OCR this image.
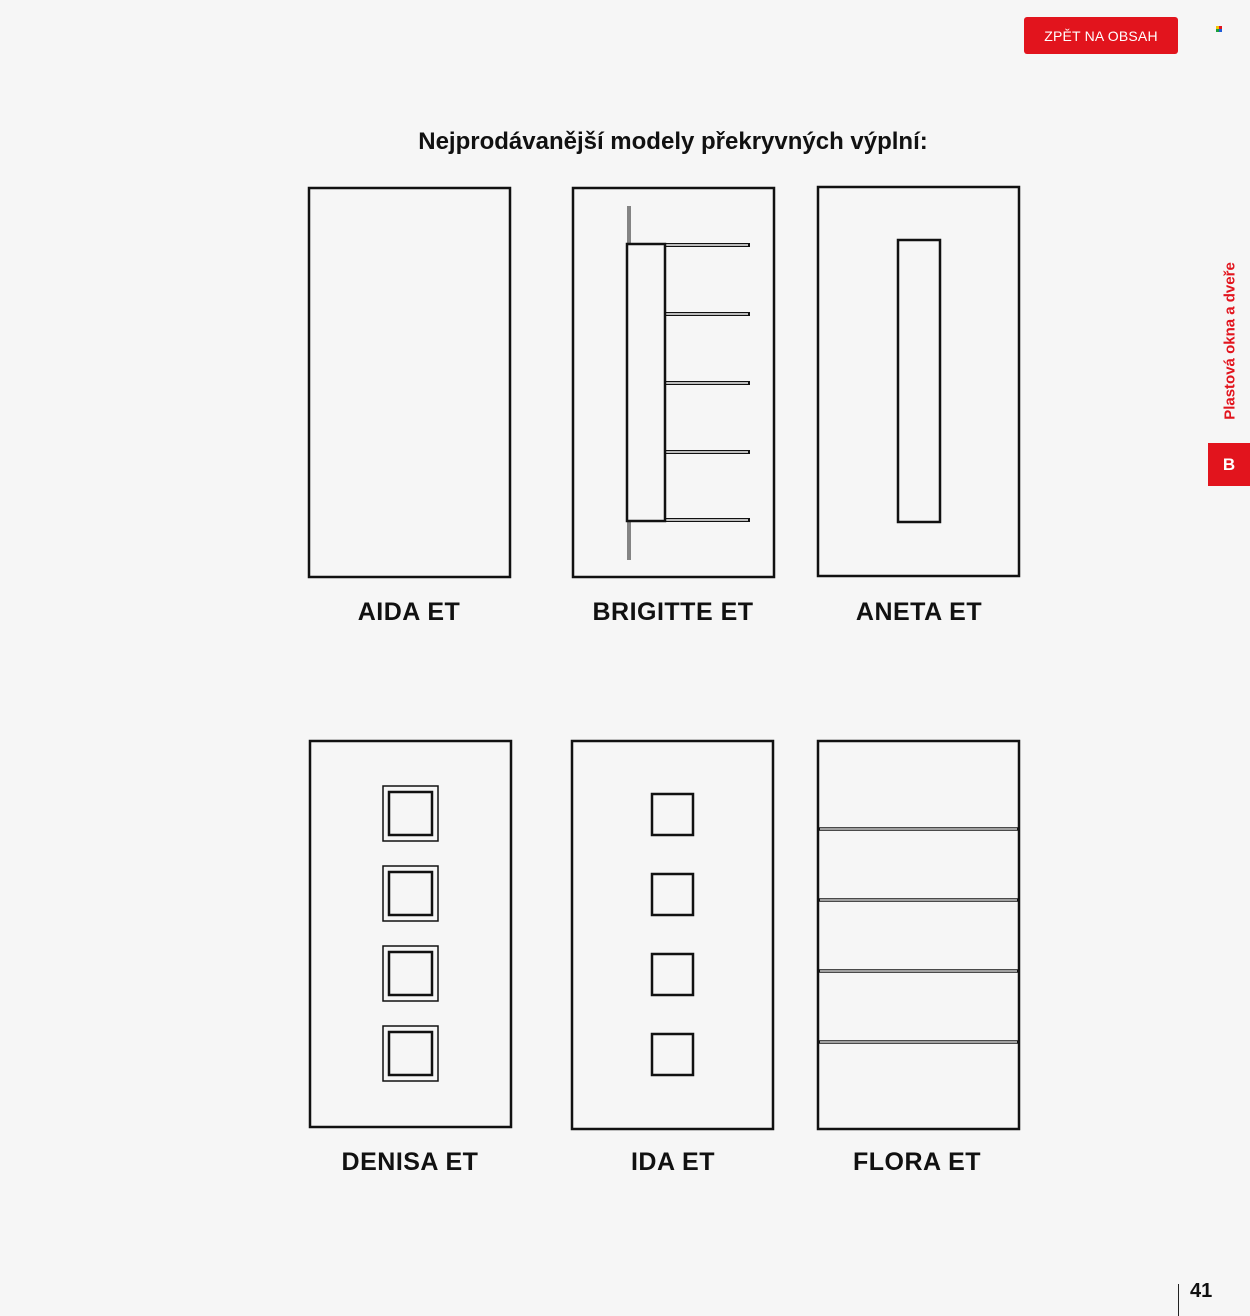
ZPĚT NA OBSAH
Nejprodávanější modely překryvných výplní:
Plastová okna a dveře
B
AIDA ET	BRIGITTE ET	ANETA ET
DENISA ET	IDA ET	FLORA ET
41
